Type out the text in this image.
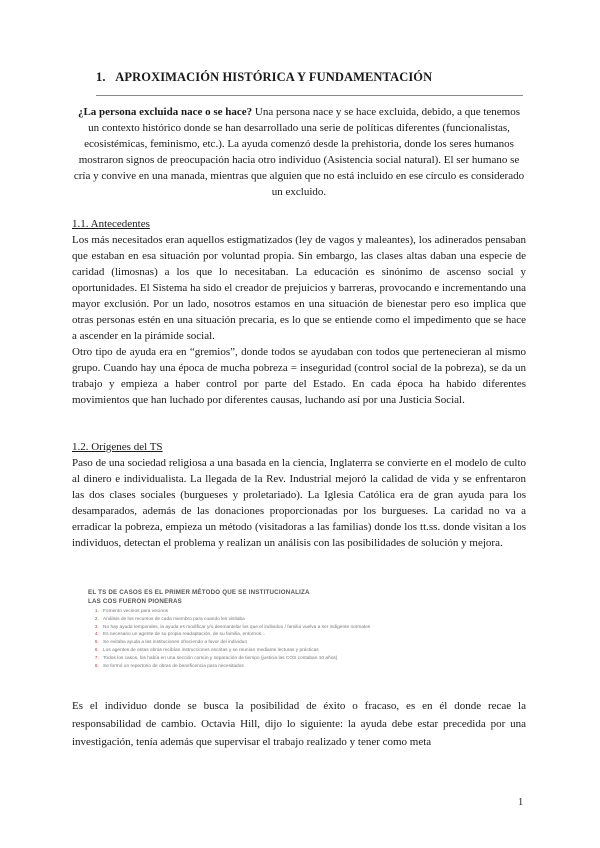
1.   APROXIMACIÓN HISTÓRICA Y FUNDAMENTACIÓN

¿La persona excluida nace o se hace? Una persona nace y se hace excluida, debido, a que tenemos un contexto histórico donde se han desarrollado una serie de políticas diferentes (funcionalistas, ecosistémicas, feminismo, etc.). La ayuda comenzó desde la prehistoria, donde los seres humanos mostraron signos de preocupación hacia otro individuo (Asistencia social natural). El ser humano se cría y convive en una manada, mientras que alguien que no está incluido en ese círculo es considerado un excluido.

1.1. Antecedentes

Los más necesitados eran aquellos estigmatizados (ley de vagos y maleantes), los adinerados pensaban que estaban en esa situación por voluntad propia. Sin embargo, las clases altas daban una especie de caridad (limosnas) a los que lo necesitaban. La educación es sinónimo de ascenso social y oportunidades. El Sistema ha sido el creador de prejuicios y barreras, provocando e incrementando una mayor exclusión. Por un lado, nosotros estamos en una situación de bienestar pero eso implica que otras personas estén en una situación precaria, es lo que se entiende como el impedimento que se hace a ascender en la pirámide social.

Otro tipo de ayuda era en “gremios”, donde todos se ayudaban con todos que pertenecieran al mismo grupo. Cuando hay una época de mucha pobreza = inseguridad (control social de la pobreza), se da un trabajo y empieza a haber control por parte del Estado. En cada época ha habido diferentes movimientos que han luchado por diferentes causas, luchando así por una Justicia Social.

1.2. Orígenes del TS

Paso de una sociedad religiosa a una basada en la ciencia, Inglaterra se convierte en el modelo de culto al dinero e individualista. La llegada de la Rev. Industrial mejoró la calidad de vida y se enfrentaron las dos clases sociales (burgueses y proletariado). La Iglesia Católica era de gran ayuda para los desamparados, además de las donaciones proporcionadas por los burgueses. La caridad no va a erradicar la pobreza, empieza un método (visitadoras a las familias) donde los tt.ss. donde visitan a los individuos, detectan el problema y realizan un análisis con las posibilidades de solución y mejora.

EL TS DE CASOS ES EL PRIMER MÉTODO QUE SE INSTITUCIONALIZA
LAS COS FUERON PIONERAS
1. Fomento vecinos para vecinos
2. Análisis de los recursos de cada miembro para cuando les visitaba
3. No hay ayuda temporales, la ayuda es modificar y/o desmantelar los que el individuo / familia vuelva a ser indigente normales
4. Es necesario un agente de su propia readaptación, de su familia, entornos...
5. Se evitaba ayuda a las instituciones ofreciendo a favor del individuo
6. Los agentes de estas obras recibían instrucciones escritas y se reunían mediante lecturas y prácticas
7. Todos los casos, los había en una sección común y separación de tiempo (justicia las COS contaban 10 años)
8. Se formó un repertorio de obras de beneficencia para necesitados

Es el individuo donde se busca la posibilidad de éxito o fracaso, es en él donde recae la responsabilidad de cambio. Octavia Hill, dijo lo siguiente: la ayuda debe estar precedida por una investigación, tenía además que supervisar el trabajo realizado y tener como meta

1
